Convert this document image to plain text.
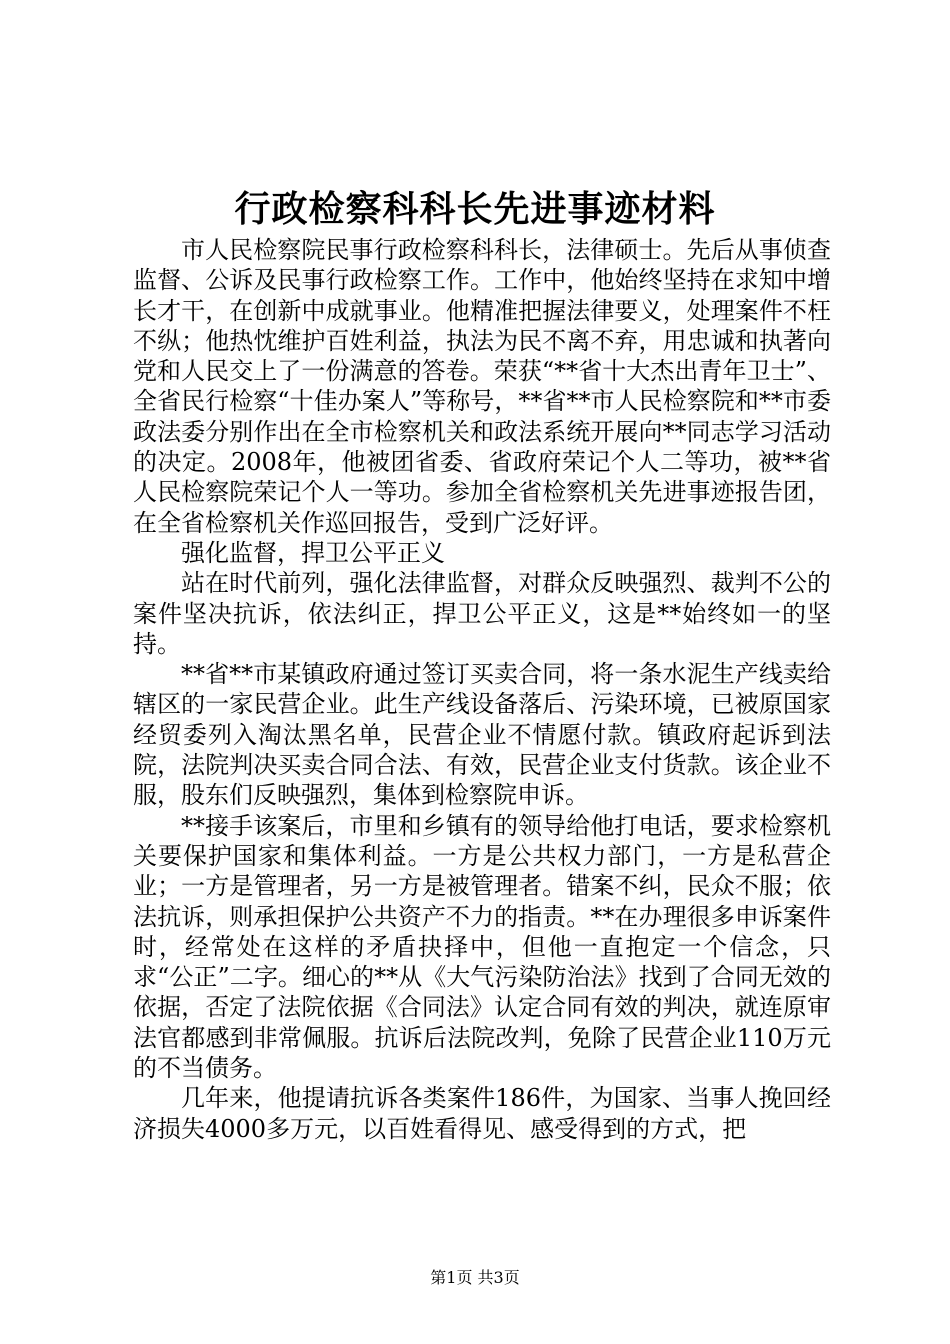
行政检察科科长先进事迹材料

市人民检察院民事行政检察科科长，法律硕士。先后从事侦查监督、公诉及民事行政检察工作。工作中，他始终坚持在求知中增长才干，在创新中成就事业。他精准把握法律要义，处理案件不枉不纵；他热忱维护百姓利益，执法为民不离不弃，用忠诚和执著向党和人民交上了一份满意的答卷。荣获“**省十大杰出青年卫士”、全省民行检察“十佳办案人”等称号，**省**市人民检察院和**市委政法委分别作出在全市检察机关和政法系统开展向**同志学习活动的决定。2008年，他被团省委、省政府荣记个人二等功，被**省人民检察院荣记个人一等功。参加全省检察机关先进事迹报告团，在全省检察机关作巡回报告，受到广泛好评。

强化监督，捍卫公平正义

站在时代前列，强化法律监督，对群众反映强烈、裁判不公的案件坚决抗诉，依法纠正，捍卫公平正义，这是**始终如一的坚持。

**省**市某镇政府通过签订买卖合同，将一条水泥生产线卖给辖区的一家民营企业。此生产线设备落后、污染环境，已被原国家经贸委列入淘汰黑名单，民营企业不情愿付款。镇政府起诉到法院，法院判决买卖合同合法、有效，民营企业支付货款。该企业不服，股东们反映强烈，集体到检察院申诉。

**接手该案后，市里和乡镇有的领导给他打电话，要求检察机关要保护国家和集体利益。一方是公共权力部门，一方是私营企业；一方是管理者，另一方是被管理者。错案不纠，民众不服；依法抗诉，则承担保护公共资产不力的指责。**在办理很多申诉案件时，经常处在这样的矛盾抉择中，但他一直抱定一个信念，只求“公正”二字。细心的**从《大气污染防治法》找到了合同无效的依据，否定了法院依据《合同法》认定合同有效的判决，就连原审法官都感到非常佩服。抗诉后法院改判，免除了民营企业110万元的不当债务。

几年来，他提请抗诉各类案件186件，为国家、当事人挽回经济损失4000多万元，以百姓看得见、感受得到的方式，把

第1页 共3页
